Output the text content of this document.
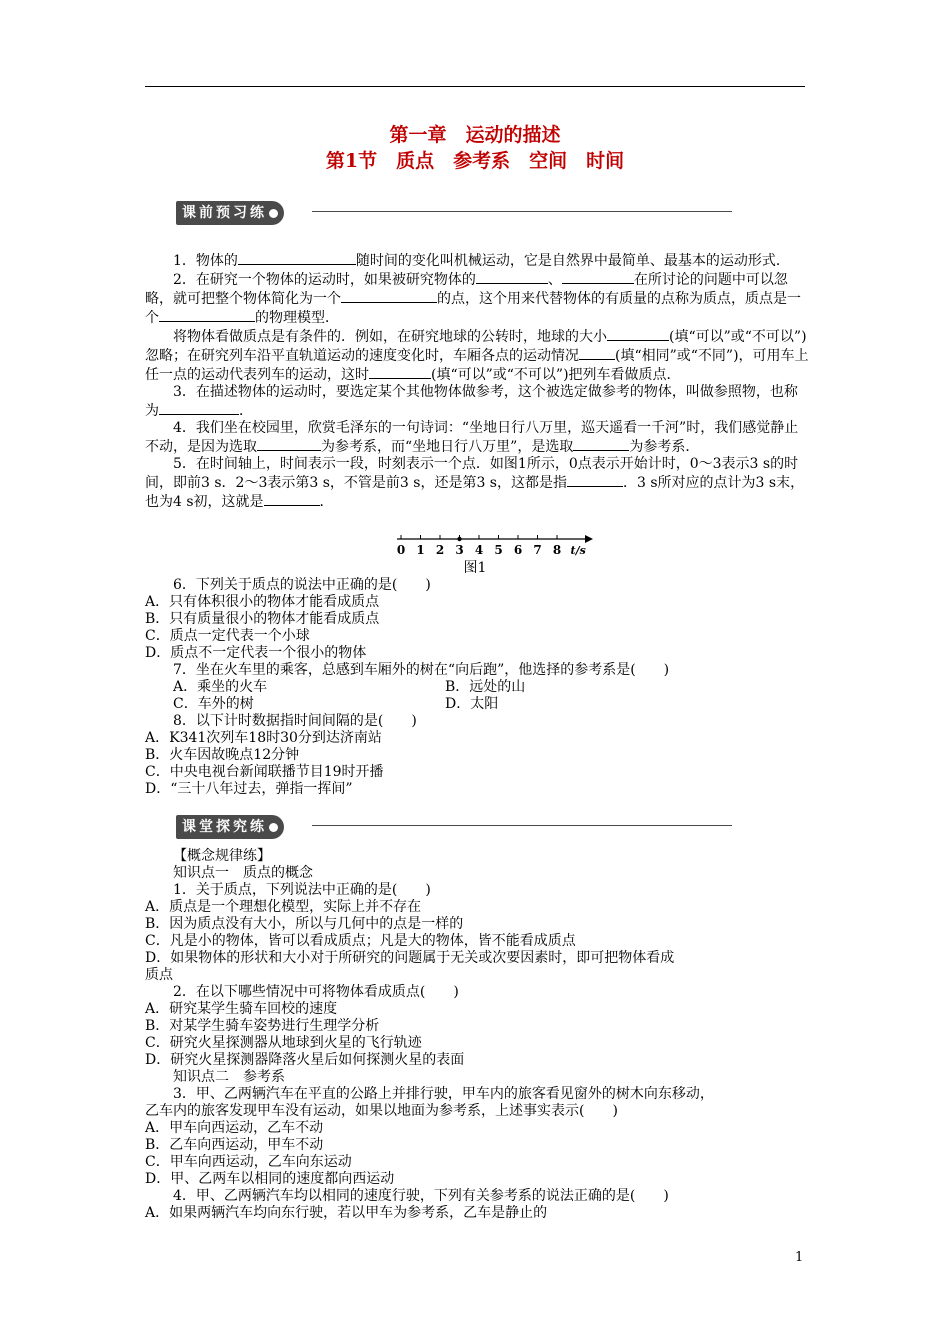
第一章　运动的描述
第1节　质点　参考系　空间　时间
课前预习练

1．物体的	随时间的变化叫机械运动，它是自然界中最简单、最基本的运动形式．

2．在研究一个物体的运动时，如果被研究物体的	、	在所讨论的问题中可以忽略，就可把整个物体简化为一个	的点，这个用来代替物体的有质量的点称为质点，质点是一个	的物理模型．

将物体看做质点是有条件的．例如，在研究地球的公转时，地球的大小	(填“可以”或“不可以”)忽略；在研究列车沿平直轨道运动的速度变化时，车厢各点的运动情况	(填“相同”或“不同”)，可用车上任一点的运动代表列车的运动，这时	(填“可以”或“不可以”)把列车看做质点．

3．在描述物体的运动时，要选定某个其他物体做参考，这个被选定做参考的物体，叫做参照物，也称为	．

4．我们坐在校园里，欣赏毛泽东的一句诗词：“坐地日行八万里，巡天遥看一千河”时，我们感觉静止不动，是因为选取	为参考系，而“坐地日行八万里”，是选取	为参考系．

5．在时间轴上，时间表示一段，时刻表示一个点．如图1所示，0点表示开始计时，0～3表示3 s的时间，即前3 s．2～3表示第3 s，不管是前3 s，还是第3 s，这都是指	．3 s所对应的点计为3 s末，也为4 s初，这就是	．

0 1 2 3 4 5 6 7 8 t/s
图1

6．下列关于质点的说法中正确的是(　　)

A．只有体积很小的物体才能看成质点

B．只有质量很小的物体才能看成质点

C．质点一定代表一个小球

D．质点不一定代表一个很小的物体

7．坐在火车里的乘客，总感到车厢外的树在“向后跑”，他选择的参考系是(　　)

A．乘坐的火车	B．远处的山
C．车外的树	D．太阳

8．以下计时数据指时间间隔的是(　　)

A．K341次列车18时30分到达济南站

B．火车因故晚点12分钟

C．中央电视台新闻联播节目19时开播

D．“三十八年过去，弹指一挥间”

课堂探究练

【概念规律练】

知识点一　质点的概念

1．关于质点，下列说法中正确的是(　　)

A．质点是一个理想化模型，实际上并不存在

B．因为质点没有大小，所以与几何中的点是一样的

C．凡是小的物体，皆可以看成质点；凡是大的物体，皆不能看成质点

D．如果物体的形状和大小对于所研究的问题属于无关或次要因素时，即可把物体看成

质点

2．在以下哪些情况中可将物体看成质点(　　)

A．研究某学生骑车回校的速度

B．对某学生骑车姿势进行生理学分析

C．研究火星探测器从地球到火星的飞行轨迹

D．研究火星探测器降落火星后如何探测火星的表面

知识点二　参考系

3．甲、乙两辆汽车在平直的公路上并排行驶，甲车内的旅客看见窗外的树木向东移动，

乙车内的旅客发现甲车没有运动，如果以地面为参考系，上述事实表示(　　)

A．甲车向西运动，乙车不动

B．乙车向西运动，甲车不动

C．甲车向西运动，乙车向东运动

D．甲、乙两车以相同的速度都向西运动

4．甲、乙两辆汽车均以相同的速度行驶，下列有关参考系的说法正确的是(　　)

A．如果两辆汽车均向东行驶，若以甲车为参考系，乙车是静止的

1
